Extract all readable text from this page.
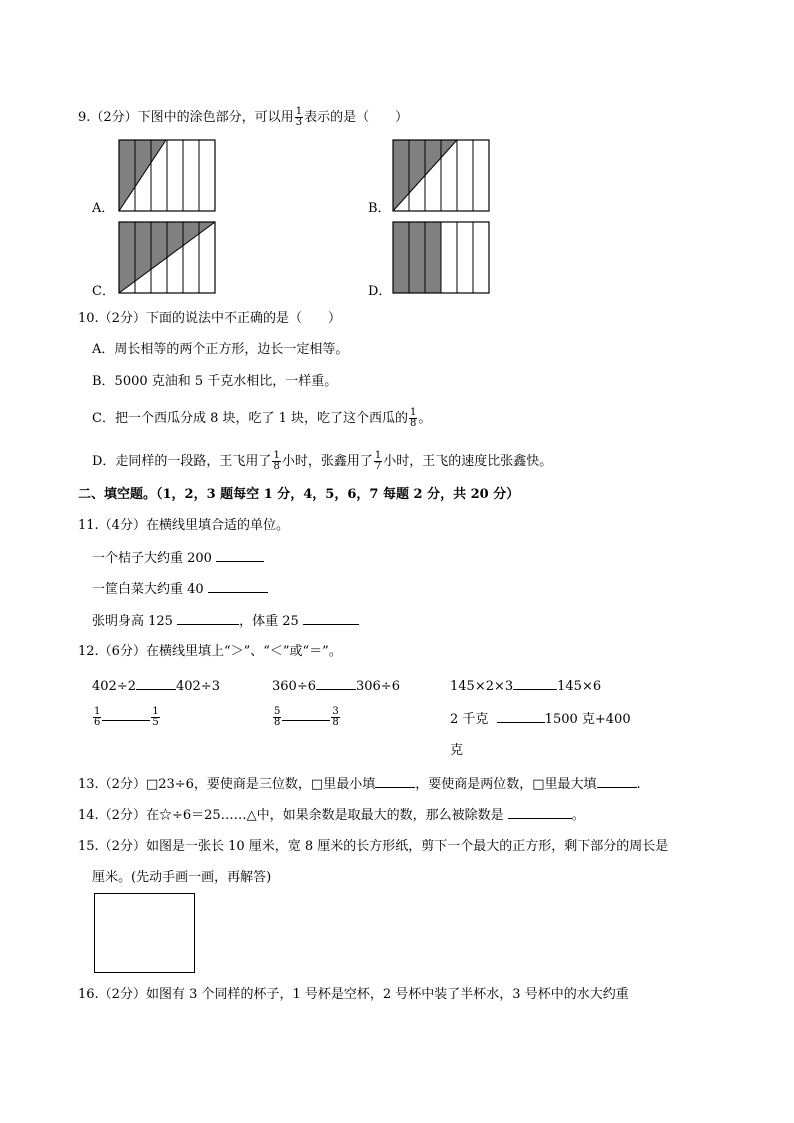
9.（2分）下图中的涂色部分，可以用 $\frac{1}{3}$ 表示的是（　　）
A．	B．
C．	D．
10.（2分）下面的说法中不正确的是（　　）
A．周长相等的两个正方形，边长一定相等。
B．5000 克油和 5 千克水相比，一样重。
C．把一个西瓜分成 8 块，吃了 1 块，吃了这个西瓜的 $\frac{1}{8}$ 。
D．走同样的一段路，王飞用了 $\frac{1}{8}$ 小时，张鑫用了 $\frac{1}{7}$ 小时，王飞的速度比张鑫快。
二、填空题。（1，2，3 题每空 1 分，4，5，6，7 每题 2 分，共 20 分）
11.（4分）在横线里填合适的单位。
一个桔子大约重 200
一筐白菜大约重 40
张明身高 125	，体重 25
12.（6分）在横线里填上“＞”、“＜”或“＝”。
402÷2	402÷3	360÷6	306÷6	145×2×3	145×6
$\frac{1}{6}$	$\frac{1}{5}$	$\frac{5}{8}$	$\frac{3}{8}$	2 千克	1500 克+400
克
13.（2分）□23÷6，要使商是三位数，□里最小填	，要使商是两位数，□里最大填	.
14.（2分）在☆÷6＝25……△中，如果余数是取最大的数，那么被除数是	。
15.（2分）如图是一张长 10 厘米，宽 8 厘米的长方形纸，剪下一个最大的正方形，剩下部分的周长是
厘米。(先动手画一画，再解答)
16.（2分）如图有 3 个同样的杯子，1 号杯是空杯，2 号杯中装了半杯水，3 号杯中的水大约重
